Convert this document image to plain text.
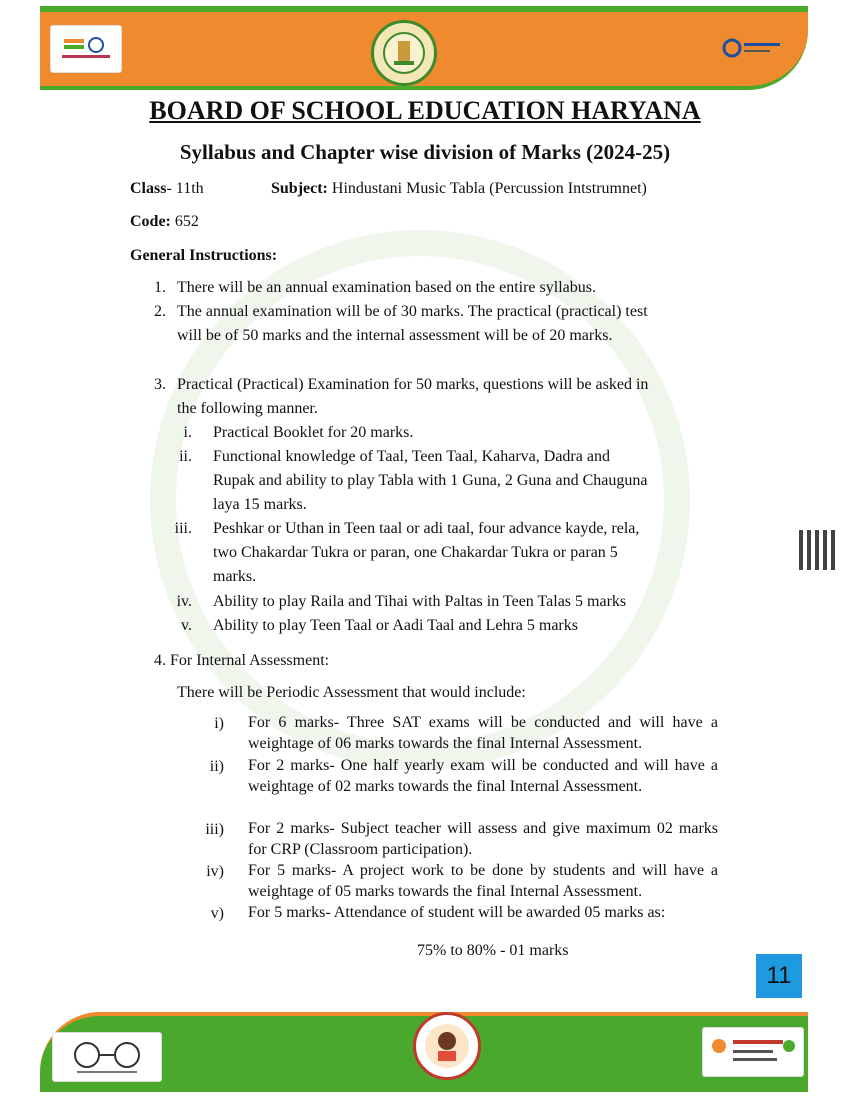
BOARD OF SCHOOL EDUCATION HARYANA
Syllabus and Chapter wise division of Marks (2024-25)
Class- 11th	Subject: Hindustani Music Tabla (Percussion Intstrumnet)
Code: 652
General Instructions:
1. There will be an annual examination based on the entire syllabus.
2. The annual examination will be of 30 marks. The practical (practical) test
will be of 50 marks and the internal assessment will be of 20 marks.
3. Practical (Practical) Examination for 50 marks, questions will be asked in
the following manner.
i. Practical Booklet for 20 marks.
ii. Functional knowledge of Taal, Teen Taal, Kaharva, Dadra and
Rupak and ability to play Tabla with 1 Guna, 2 Guna and Chauguna
laya 15 marks.
iii. Peshkar or Uthan in Teen taal or adi taal, four advance kayde, rela,
two Chakardar Tukra or paran, one Chakardar Tukra or paran 5
marks.
iv. Ability to play Raila and Tihai with Paltas in Teen Talas 5 marks
v. Ability to play Teen Taal or Aadi Taal and Lehra 5 marks
4. For Internal Assessment:
There will be Periodic Assessment that would include:
i) For 6 marks- Three SAT exams will be conducted and will have a weightage of 06 marks towards the final Internal Assessment.
ii) For 2 marks- One half yearly exam will be conducted and will have a weightage of 02 marks towards the final Internal Assessment.
iii) For 2 marks- Subject teacher will assess and give maximum 02 marks for CRP (Classroom participation).
iv) For 5 marks- A project work to be done by students and will have a weightage of 05 marks towards the final Internal Assessment.
v) For 5 marks- Attendance of student will be awarded 05 marks as:
75% to 80% - 01 marks
11
